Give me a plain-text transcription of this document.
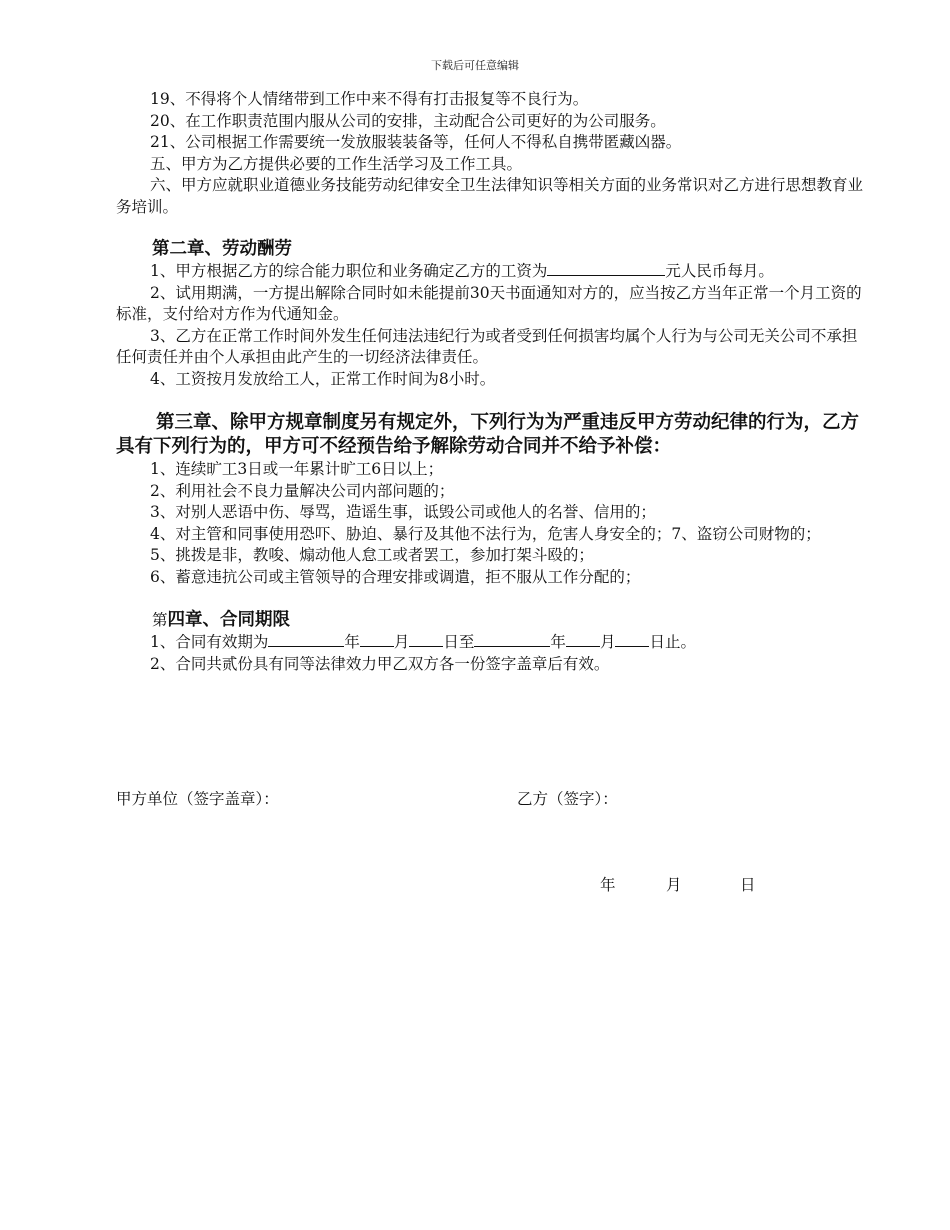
下载后可任意编辑

19、不得将个人情绪带到工作中来不得有打击报复等不良行为。

20、在工作职责范围内服从公司的安排，主动配合公司更好的为公司服务。

21、公司根据工作需要统一发放服装装备等，任何人不得私自携带匿藏凶器。

五、甲方为乙方提供必要的工作生活学习及工作工具。

六、甲方应就职业道德业务技能劳动纪律安全卫生法律知识等相关方面的业务常识对乙方进行思想教育业务培训。

第二章、劳动酬劳

1、甲方根据乙方的综合能力职位和业务确定乙方的工资为	元人民币每月。

2、试用期满，一方提出解除合同时如未能提前30天书面通知对方的，应当按乙方当年正常一个月工资的标准，支付给对方作为代通知金。

3、乙方在正常工作时间外发生任何违法违纪行为或者受到任何损害均属个人行为与公司无关公司不承担任何责任并由个人承担由此产生的一切经济法律责任。

4、工资按月发放给工人，正常工作时间为8小时。

第三章、除甲方规章制度另有规定外，下列行为为严重违反甲方劳动纪律的行为，乙方具有下列行为的，甲方可不经预告给予解除劳动合同并不给予补偿：

1、连续旷工3日或一年累计旷工6日以上；

2、利用社会不良力量解决公司内部问题的；

3、对别人恶语中伤、辱骂，造谣生事，诋毁公司或他人的名誉、信用的；

4、对主管和同事使用恐吓、胁迫、暴行及其他不法行为，危害人身安全的；7、盗窃公司财物的；

5、挑拨是非，教唆、煽动他人怠工或者罢工，参加打架斗殴的；

6、蓄意违抗公司或主管领导的合理安排或调遣，拒不服从工作分配的；

第四章、合同期限

1、合同有效期为	年 月 日至	年 月 日止。

2、合同共贰份具有同等法律效力甲乙双方各一份签字盖章后有效。

甲方单位（签字盖章）：	乙方（签字）：
年	月	日
